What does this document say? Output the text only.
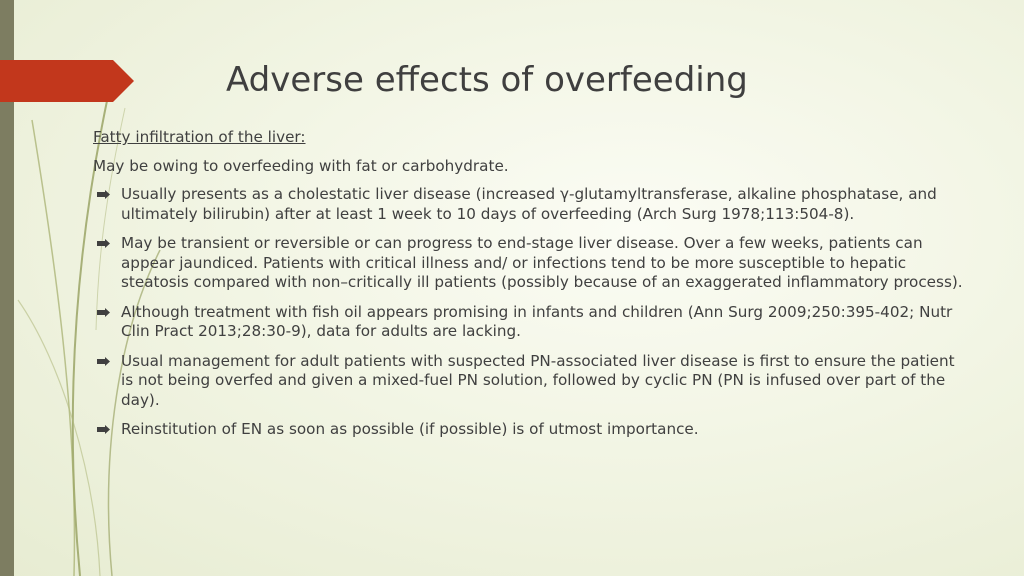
Adverse effects of overfeeding

Fatty infiltration of the liver:

May be owing to overfeeding with fat or carbohydrate.

Usually presents as a cholestatic liver disease (increased γ-glutamyltransferase, alkaline phosphatase, and ultimately bilirubin) after at least 1 week to 10 days of overfeeding (Arch Surg 1978;113:504-8).
May be transient or reversible or can progress to end-stage liver disease. Over a few weeks, patients can appear jaundiced. Patients with critical illness and/ or infections tend to be more susceptible to hepatic steatosis compared with non–critically ill patients (possibly because of an exaggerated inflammatory process).
Although treatment with fish oil appears promising in infants and children (Ann Surg 2009;250:395-402; Nutr Clin Pract 2013;28:30-9), data for adults are lacking.
Usual management for adult patients with suspected PN-associated liver disease is first to ensure the patient is not being overfed and given a mixed-fuel PN solution, followed by cyclic PN (PN is infused over part of the day).
Reinstitution of EN as soon as possible (if possible) is of utmost importance.
